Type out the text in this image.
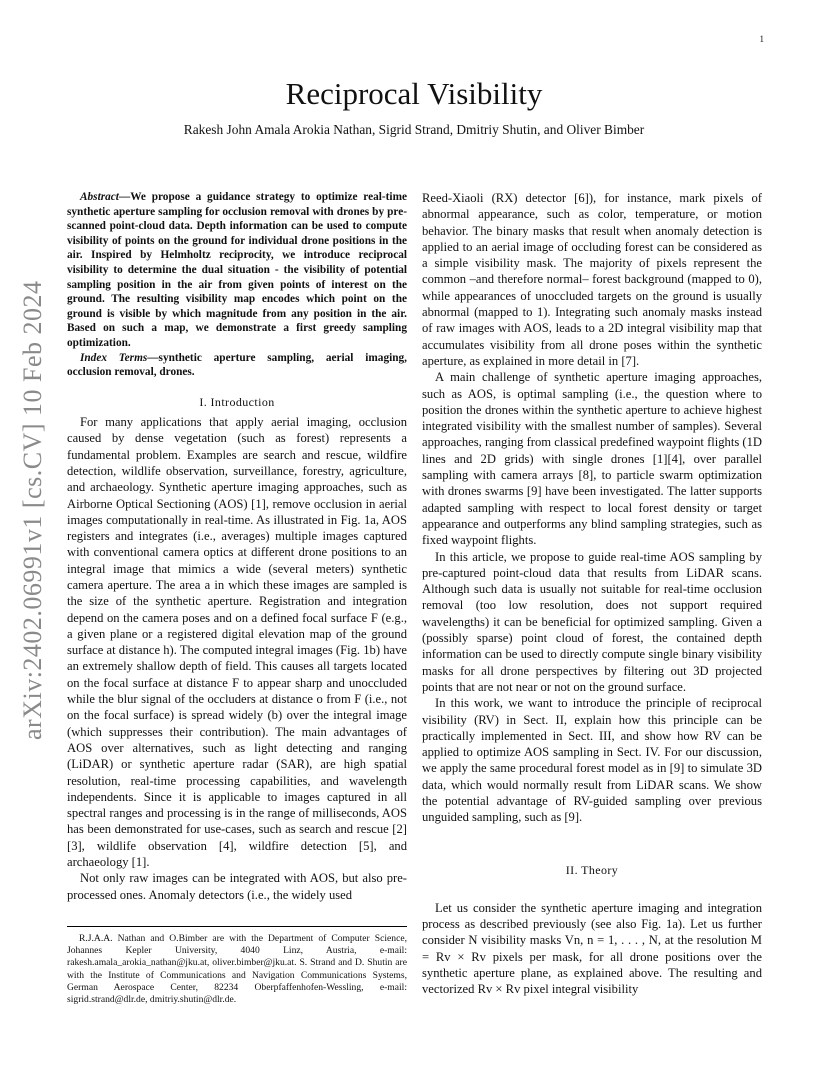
1
arXiv:2402.06991v1 [cs.CV] 10 Feb 2024
Reciprocal Visibility
Rakesh John Amala Arokia Nathan, Sigrid Strand, Dmitriy Shutin, and Oliver Bimber

Abstract—We propose a guidance strategy to optimize real-time synthetic aperture sampling for occlusion removal with drones by pre-scanned point-cloud data. Depth information can be used to compute visibility of points on the ground for individual drone positions in the air. Inspired by Helmholtz reciprocity, we introduce reciprocal visibility to determine the dual situation - the visibility of potential sampling position in the air from given points of interest on the ground. The resulting visibility map encodes which point on the ground is visible by which magnitude from any position in the air. Based on such a map, we demonstrate a first greedy sampling optimization.

Index Terms—synthetic aperture sampling, aerial imaging, occlusion removal, drones.

I. Introduction

For many applications that apply aerial imaging, occlusion caused by dense vegetation (such as forest) represents a fundamental problem. Examples are search and rescue, wildfire detection, wildlife observation, surveillance, forestry, agriculture, and archaeology. Synthetic aperture imaging approaches, such as Airborne Optical Sectioning (AOS) [1], remove occlusion in aerial images computationally in real-time. As illustrated in Fig. 1a, AOS registers and integrates (i.e., averages) multiple images captured with conventional camera optics at different drone positions to an integral image that mimics a wide (several meters) synthetic camera aperture. The area a in which these images are sampled is the size of the synthetic aperture. Registration and integration depend on the camera poses and on a defined focal surface F (e.g., a given plane or a registered digital elevation map of the ground surface at distance h). The computed integral images (Fig. 1b) have an extremely shallow depth of field. This causes all targets located on the focal surface at distance F to appear sharp and unoccluded while the blur signal of the occluders at distance o from F (i.e., not on the focal surface) is spread widely (b) over the integral image (which suppresses their contribution). The main advantages of AOS over alternatives, such as light detecting and ranging (LiDAR) or synthetic aperture radar (SAR), are high spatial resolution, real-time processing capabilities, and wavelength independents. Since it is applicable to images captured in all spectral ranges and processing is in the range of milliseconds, AOS has been demonstrated for use-cases, such as search and rescue [2][3], wildlife observation [4], wildfire detection [5], and archaeology [1].

Not only raw images can be integrated with AOS, but also pre-processed ones. Anomaly detectors (i.e., the widely used

Reed-Xiaoli (RX) detector [6]), for instance, mark pixels of abnormal appearance, such as color, temperature, or motion behavior. The binary masks that result when anomaly detection is applied to an aerial image of occluding forest can be considered as a simple visibility mask. The majority of pixels represent the common –and therefore normal– forest background (mapped to 0), while appearances of unoccluded targets on the ground is usually abnormal (mapped to 1). Integrating such anomaly masks instead of raw images with AOS, leads to a 2D integral visibility map that accumulates visibility from all drone poses within the synthetic aperture, as explained in more detail in [7].

A main challenge of synthetic aperture imaging approaches, such as AOS, is optimal sampling (i.e., the question where to position the drones within the synthetic aperture to achieve highest integrated visibility with the smallest number of samples). Several approaches, ranging from classical predefined waypoint flights (1D lines and 2D grids) with single drones [1][4], over parallel sampling with camera arrays [8], to particle swarm optimization with drones swarms [9] have been investigated. The latter supports adapted sampling with respect to local forest density or target appearance and outperforms any blind sampling strategies, such as fixed waypoint flights.

In this article, we propose to guide real-time AOS sampling by pre-captured point-cloud data that results from LiDAR scans. Although such data is usually not suitable for real-time occlusion removal (too low resolution, does not support required wavelengths) it can be beneficial for optimized sampling. Given a (possibly sparse) point cloud of forest, the contained depth information can be used to directly compute single binary visibility masks for all drone perspectives by filtering out 3D projected points that are not near or not on the ground surface.

In this work, we want to introduce the principle of reciprocal visibility (RV) in Sect. II, explain how this principle can be practically implemented in Sect. III, and show how RV can be applied to optimize AOS sampling in Sect. IV. For our discussion, we apply the same procedural forest model as in [9] to simulate 3D data, which would normally result from LiDAR scans. We show the potential advantage of RV-guided sampling over previous unguided sampling, such as [9].

II. Theory

Let us consider the synthetic aperture imaging and integration process as described previously (see also Fig. 1a). Let us further consider N visibility masks Vn, n = 1, . . . , N, at the resolution M = Rv × Rv pixels per mask, for all drone positions over the synthetic aperture plane, as explained above. The resulting and vectorized Rv × Rv pixel integral visibility

R.J.A.A. Nathan and O.Bimber are with the Department of Computer Science, Johannes Kepler University, 4040 Linz, Austria, e-mail: rakesh.amala_arokia_nathan@jku.at, oliver.bimber@jku.at. S. Strand and D. Shutin are with the Institute of Communications and Navigation Communications Systems, German Aerospace Center, 82234 Oberpfaffenhofen-Wessling, e-mail: sigrid.strand@dlr.de, dmitriy.shutin@dlr.de.
